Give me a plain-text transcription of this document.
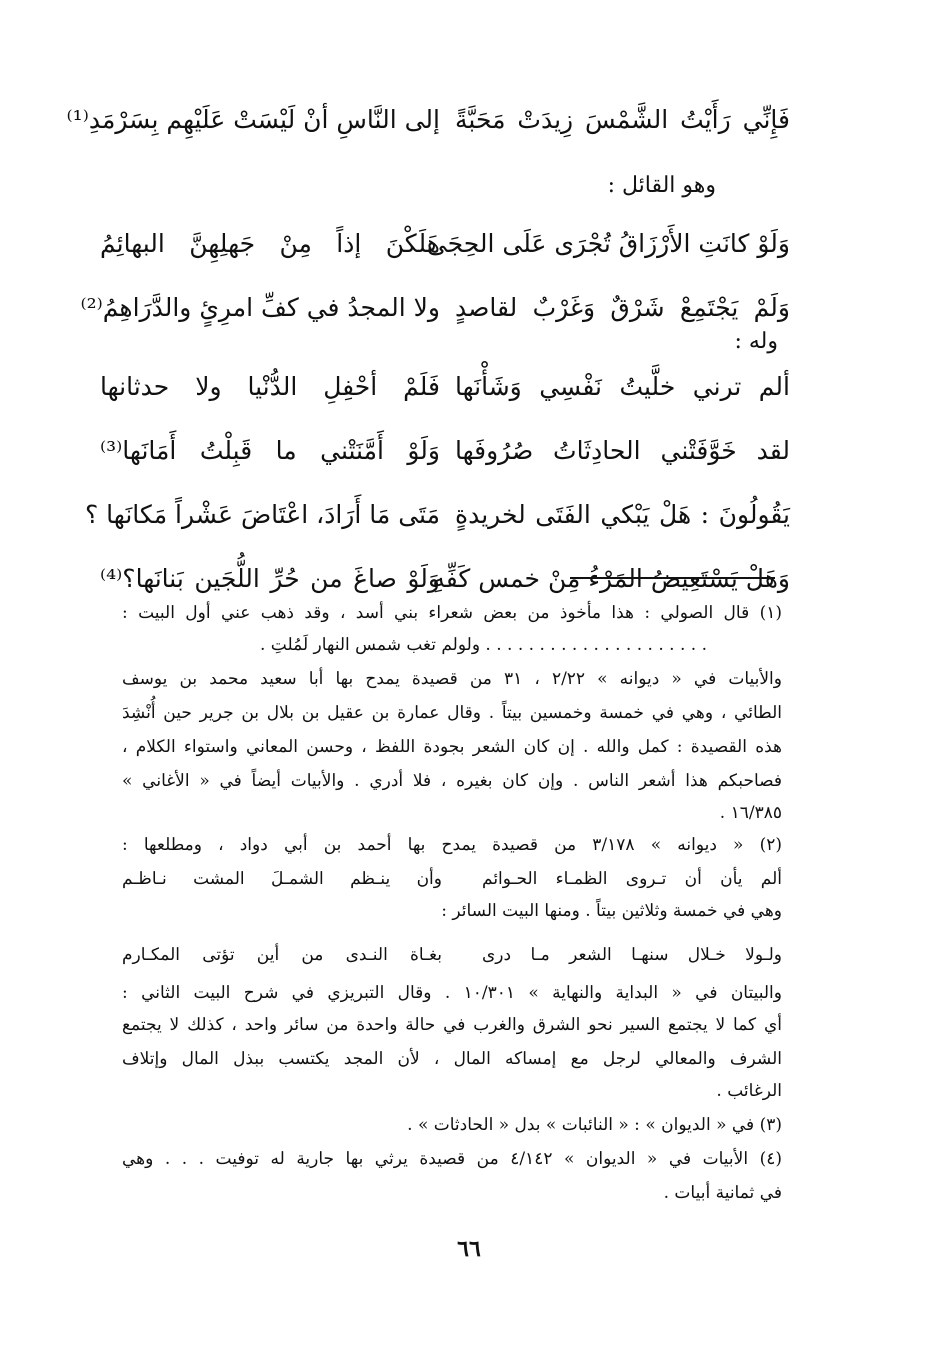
فَإِنِّي رَأَيْتُ الشَّمْسَ زِيدَتْ مَحَبَّةً
إلى النَّاسِ أنْ لَيْسَتْ عَلَيْهِم بِسَرْمَدِ⁽¹⁾
وهو القائل :
وَلَوْ كانَتِ الأَرْزَاقُ تُجْرَى عَلَى الحِجَى
هَلَكْنَ إذاً مِنْ جَهلِهِنَّ البهائِمُ
وَلَمْ يَجْتَمِعْ شَرْقٌ وَغَرْبٌ لقاصدٍ
ولا المجدُ في كفِّ امرِئٍ والدَّرَاهِمُ⁽²⁾
وله :
ألم ترني خلَّيتُ نَفْسِي وَشَأْنَها
فَلَمْ أحْفِلِ الدُّنْيا ولا حدثانها
لقد خَوَّفَتْني الحادِثَاتُ صُرُوفَها
وَلَوْ أَمَّنَتْني ما قَبِلْتُ أَمَانَها⁽³⁾
يَقُولُونَ : هَلْ يَبْكي الفَتَى لخريدةٍ
مَتَى مَا أَرَادَ، اعْتَاضَ عَشْراً مَكانَها ؟
وَهَلْ يَسْتَعِيضُ المَرْءُ مِنْ خمس كَفِّهِ
وَلَوْ صاغَ من حُرِّ اللُّجَين بَنانَها؟⁽⁴⁾
(١) قال الصولي : هذا مأخوذ من بعض شعراء بني أسد ، وقد ذهب عني أول البيت :
. . . . . . . . . . . . . . . . . . . . . ولولم تغب شمس النهار لَمُلتِ .
والأبيات في « ديوانه » ٢/٢٢ ، ٣١ من قصيدة يمدح بها أبا سعيد محمد بن يوسف
الطائي ، وهي في خمسة وخمسين بيتاً . وقال عمارة بن عقيل بن بلال بن جرير حين أُنْشِدَ
هذه القصيدة : كمل والله . إن كان الشعر بجودة اللفظ ، وحسن المعاني واستواء الكلام ،
فصاحبكم هذا أشعر الناس . وإن كان بغيره ، فلا أدري . والأبيات أيضاً في « الأغاني »
١٦/٣٨٥ .
(٢) « ديوانه » ٣/١٧٨ من قصيدة يمدح بها أحمد بن أبي دواد ، ومطلعها :
ألم يأن أن تـروى الظمـاء الحـوائم
وأن ينـظم الشمـلَ المشت نـاظـم
وهي في خمسة وثلاثين بيتاً . ومنها البيت السائر :
ولـولا خـلال سنهـا الشعر مـا درى
بغـاة النـدى من أين تؤتى المكـارم
والبيتان في « البداية والنهاية » ١٠/٣٠١ . وقال التبريزي في شرح البيت الثاني :
أي كما لا يجتمع السير نحو الشرق والغرب في حالة واحدة من سائر واحد ، كذلك لا يجتمع
الشرف والمعالي لرجل مع إمساكه المال ، لأن المجد يكتسب ببذل المال وإتلاف
الرغائب .
(٣) في « الديوان » : « النائبات » بدل « الحادثات » .
(٤) الأبيات في « الديوان » ٤/١٤٢ من قصيدة يرثي بها جارية له توفيت . . . وهي
في ثمانية أبيات .
٦٦
